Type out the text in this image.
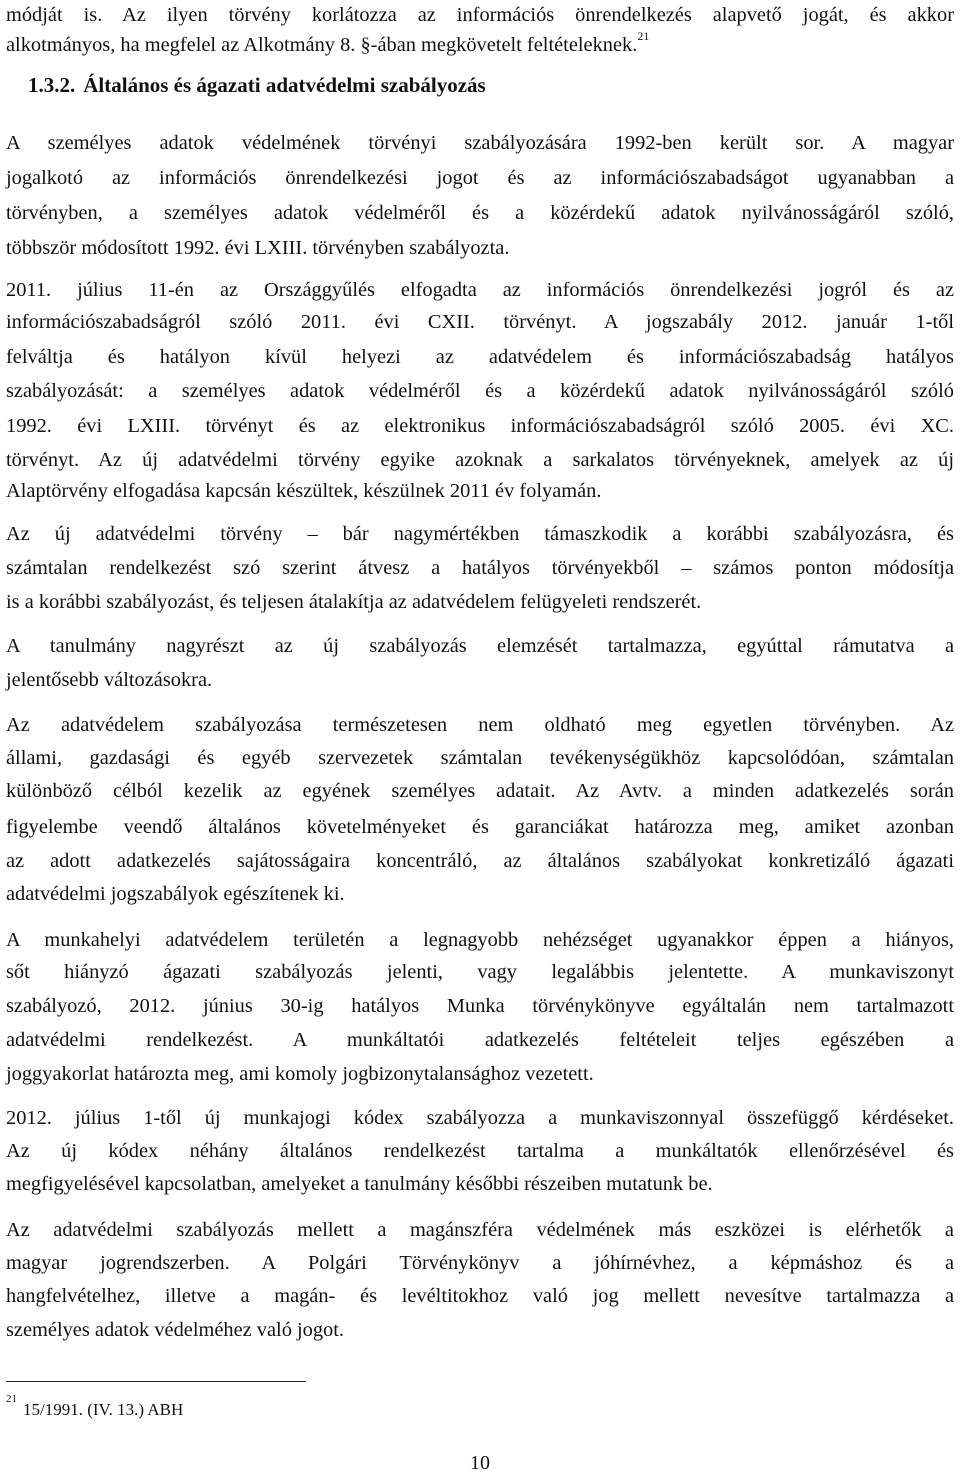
módját is. Az ilyen törvény korlátozza az információs önrendelkezés alapvető jogát, és akkor
alkotmányos, ha megfelel az Alkotmány 8. §-ában megkövetelt feltételeknek.$^{21}$
1.3.2. Általános és ágazati adatvédelmi szabályozás
A személyes adatok védelmének törvényi szabályozására 1992-ben került sor. A magyar
jogalkotó az információs önrendelkezési jogot és az információszabadságot ugyanabban a
törvényben, a személyes adatok védelméről és a közérdekű adatok nyilvánosságáról szóló,
többször módosított 1992. évi LXIII. törvényben szabályozta.
2011. július 11-én az Országgyűlés elfogadta az információs önrendelkezési jogról és az
információszabadságról szóló 2011. évi CXII. törvényt. A jogszabály 2012. január 1-től
felváltja és hatályon kívül helyezi az adatvédelem és információszabadság hatályos
szabályozását: a személyes adatok védelméről és a közérdekű adatok nyilvánosságáról szóló
1992. évi LXIII. törvényt és az elektronikus információszabadságról szóló 2005. évi XC.
törvényt. Az új adatvédelmi törvény egyike azoknak a sarkalatos törvényeknek, amelyek az új
Alaptörvény elfogadása kapcsán készültek, készülnek 2011 év folyamán.
Az új adatvédelmi törvény – bár nagymértékben támaszkodik a korábbi szabályozásra, és
számtalan rendelkezést szó szerint átvesz a hatályos törvényekből – számos ponton módosítja
is a korábbi szabályozást, és teljesen átalakítja az adatvédelem felügyeleti rendszerét.
A tanulmány nagyrészt az új szabályozás elemzését tartalmazza, egyúttal rámutatva a
jelentősebb változásokra.
Az adatvédelem szabályozása természetesen nem oldható meg egyetlen törvényben. Az
állami, gazdasági és egyéb szervezetek számtalan tevékenységükhöz kapcsolódóan, számtalan
különböző célból kezelik az egyének személyes adatait. Az Avtv. a minden adatkezelés során
figyelembe veendő általános követelményeket és garanciákat határozza meg, amiket azonban
az adott adatkezelés sajátosságaira koncentráló, az általános szabályokat konkretizáló ágazati
adatvédelmi jogszabályok egészítenek ki.
A munkahelyi adatvédelem területén a legnagyobb nehézséget ugyanakkor éppen a hiányos,
sőt hiányzó ágazati szabályozás jelenti, vagy legalábbis jelentette. A munkaviszonyt
szabályozó, 2012. június 30-ig hatályos Munka törvénykönyve egyáltalán nem tartalmazott
adatvédelmi rendelkezést. A munkáltatói adatkezelés feltételeit teljes egészében a
joggyakorlat határozta meg, ami komoly jogbizonytalansághoz vezetett.
2012. július 1-től új munkajogi kódex szabályozza a munkaviszonnyal összefüggő kérdéseket.
Az új kódex néhány általános rendelkezést tartalma a munkáltatók ellenőrzésével és
megfigyelésével kapcsolatban, amelyeket a tanulmány későbbi részeiben mutatunk be.
Az adatvédelmi szabályozás mellett a magánszféra védelmének más eszközei is elérhetők a
magyar jogrendszerben. A Polgári Törvénykönyv a jóhírnévhez, a képmáshoz és a
hangfelvételhez, illetve a magán- és levéltitokhoz való jog mellett nevesítve tartalmazza a
személyes adatok védelméhez való jogot.
$^{21}$15/1991. (IV. 13.) ABH
10
